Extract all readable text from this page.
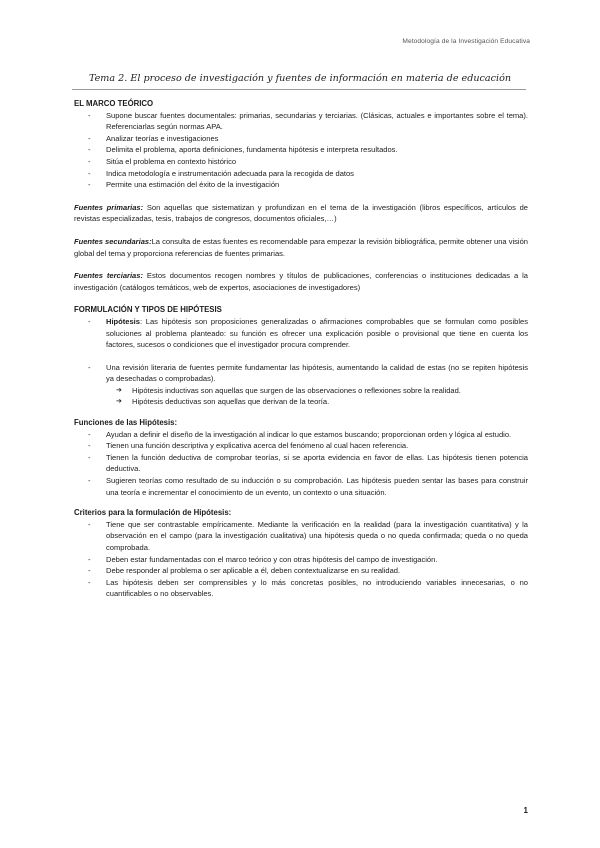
Metodología de la Investigación Educativa
Tema 2. El proceso de investigación y fuentes de información en materia de educación
EL MARCO TEÓRICO
- Supone buscar fuentes documentales: primarias, secundarias y terciarias. (Clásicas, actuales e importantes sobre el tema). Referenciarlas según normas APA.
- Analizar teorías e investigaciones
- Delimita el problema, aporta definiciones, fundamenta hipótesis e interpreta resultados.
- Sitúa el problema en contexto histórico
- Indica metodología e instrumentación adecuada para la recogida de datos
- Permite una estimación del éxito de la investigación

Fuentes primarias: Son aquellas que sistematizan y profundizan en el tema de la investigación (libros específicos, artículos de revistas especializadas, tesis, trabajos de congresos, documentos oficiales,…)

Fuentes secundarias:La consulta de estas fuentes es recomendable para empezar la revisión bibliográfica, permite obtener una visión global del tema y proporciona referencias de fuentes primarias.

Fuentes terciarias: Estos documentos recogen nombres y títulos de publicaciones, conferencias o instituciones dedicadas a la investigación (catálogos temáticos, web de expertos, asociaciones de investigadores)

FORMULACIÓN Y TIPOS DE HIPÓTESIS
- Hipótesis: Las hipótesis son proposiciones generalizadas o afirmaciones comprobables que se formulan como posibles soluciones al problema planteado: su función es ofrecer una explicación posible o provisional que tiene en cuenta los factores, sucesos o condiciones que el investigador procura comprender.
- Una revisión literaria de fuentes permite fundamentar las hipótesis, aumentando la calidad de estas (no se repiten hipótesis ya desechadas o comprobadas).
➔ Hipótesis inductivas son aquellas que surgen de las observaciones o reflexiones sobre la realidad.
➔ Hipótesis deductivas son aquellas que derivan de la teoría.
Funciones de las Hipótesis:
- Ayudan a definir el diseño de la investigación al indicar lo que estamos buscando; proporcionan orden y lógica al estudio.
- Tienen una función descriptiva y explicativa acerca del fenómeno al cual hacen referencia.
- Tienen la función deductiva de comprobar teorías, si se aporta evidencia en favor de ellas. Las hipótesis tienen potencia deductiva.
- Sugieren teorías como resultado de su inducción o su comprobación. Las hipótesis pueden sentar las bases para construir una teoría e incrementar el conocimiento de un evento, un contexto o una situación.
Criterios para la formulación de Hipótesis:
- Tiene que ser contrastable empíricamente. Mediante la verificación en la realidad (para la investigación cuantitativa) y la observación en el campo (para la investigación cualitativa) una hipótesis queda o no queda confirmada; queda o no queda comprobada.
- Deben estar fundamentadas con el marco teórico y con otras hipótesis del campo de investigación.
- Debe responder al problema o ser aplicable a él, deben contextualizarse en su realidad.
- Las hipótesis deben ser comprensibles y lo más concretas posibles, no introduciendo variables innecesarias, o no cuantificables o no observables.
1
